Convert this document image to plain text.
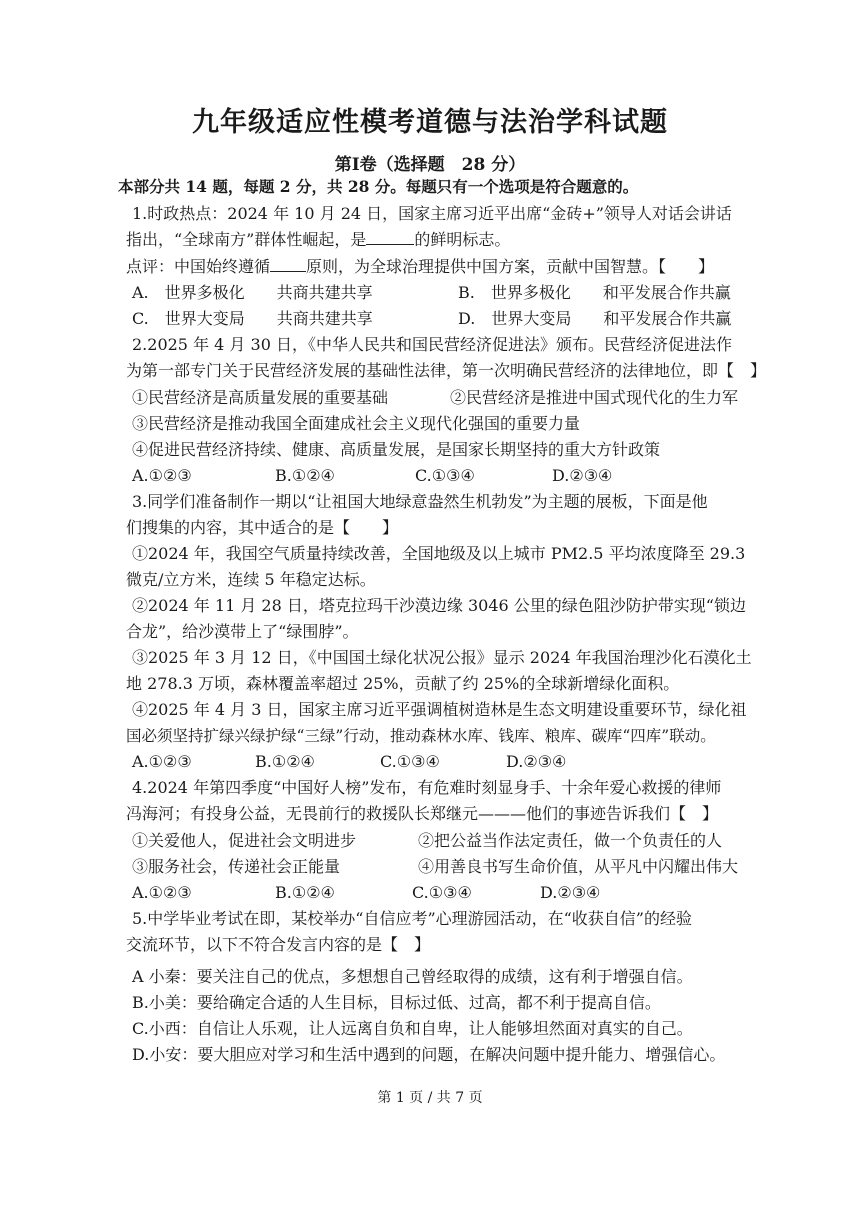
九年级适应性模考道德与法治学科试题
第Ⅰ卷（选择题　28 分）
本部分共 14 题，每题 2 分，共 28 分。每题只有一个选项是符合题意的。
1.时政热点：2024 年 10 月 24 日，国家主席习近平出席“金砖+”领导人对话会讲话
指出，“全球南方”群体性崛起，是	的鲜明标志。
点评：中国始终遵循 原则，为全球治理提供中国方案，贡献中国智慧。【　　】
A.　世界多极化　　共商共建共享	B.　世界多极化　　和平发展合作共赢
C.　世界大变局　　共商共建共享	D.　世界大变局　　和平发展合作共赢
2.2025 年 4 月 30 日，《中华人民共和国民营经济促进法》颁布。民营经济促进法作
为第一部专门关于民营经济发展的基础性法律，第一次明确民营经济的法律地位，即【　】
①民营经济是高质量发展的重要基础	②民营经济是推进中国式现代化的生力军
③民营经济是推动我国全面建成社会主义现代化强国的重要力量
④促进民营经济持续、健康、高质量发展，是国家长期坚持的重大方针政策
A.①②③	B.①②④	C.①③④	D.②③④
3.同学们准备制作一期以“让祖国大地绿意盎然生机勃发”为主题的展板，下面是他
们搜集的内容，其中适合的是【　　】
①2024 年，我国空气质量持续改善，全国地级及以上城市 PM2.5 平均浓度降至 29.3
微克/立方米，连续 5 年稳定达标。
②2024 年 11 月 28 日，塔克拉玛干沙漠边缘 3046 公里的绿色阻沙防护带实现“锁边
合龙”，给沙漠带上了“绿围脖”。
③2025 年 3 月 12 日，《中国国土绿化状况公报》显示 2024 年我国治理沙化石漠化土
地 278.3 万顷，森林覆盖率超过 25%，贡献了约 25%的全球新增绿化面积。
④2025 年 4 月 3 日，国家主席习近平强调植树造林是生态文明建设重要环节，绿化祖
国必须坚持扩绿兴绿护绿“三绿”行动，推动森林水库、钱库、粮库、碳库“四库”联动。
A.①②③	B.①②④	C.①③④	D.②③④
4.2024 年第四季度“中国好人榜”发布，有危难时刻显身手、十余年爱心救援的律师
冯海河；有投身公益，无畏前行的救援队长郑继元———他们的事迹告诉我们【　】
①关爱他人，促进社会文明进步	②把公益当作法定责任，做一个负责任的人
③服务社会，传递社会正能量	④用善良书写生命价值，从平凡中闪耀出伟大
A.①②③	B.①②④	C.①③④	D.②③④
5.中学毕业考试在即，某校举办“自信应考”心理游园活动，在“收获自信”的经验
交流环节，以下不符合发言内容的是【　】
A 小秦：要关注自己的优点，多想想自己曾经取得的成绩，这有利于增强自信。
B.小美：要给确定合适的人生目标，目标过低、过高，都不利于提高自信。
C.小西：自信让人乐观，让人远离自负和自卑，让人能够坦然面对真实的自己。
D.小安：要大胆应对学习和生活中遇到的问题，在解决问题中提升能力、增强信心。
第 1 页 / 共 7 页
